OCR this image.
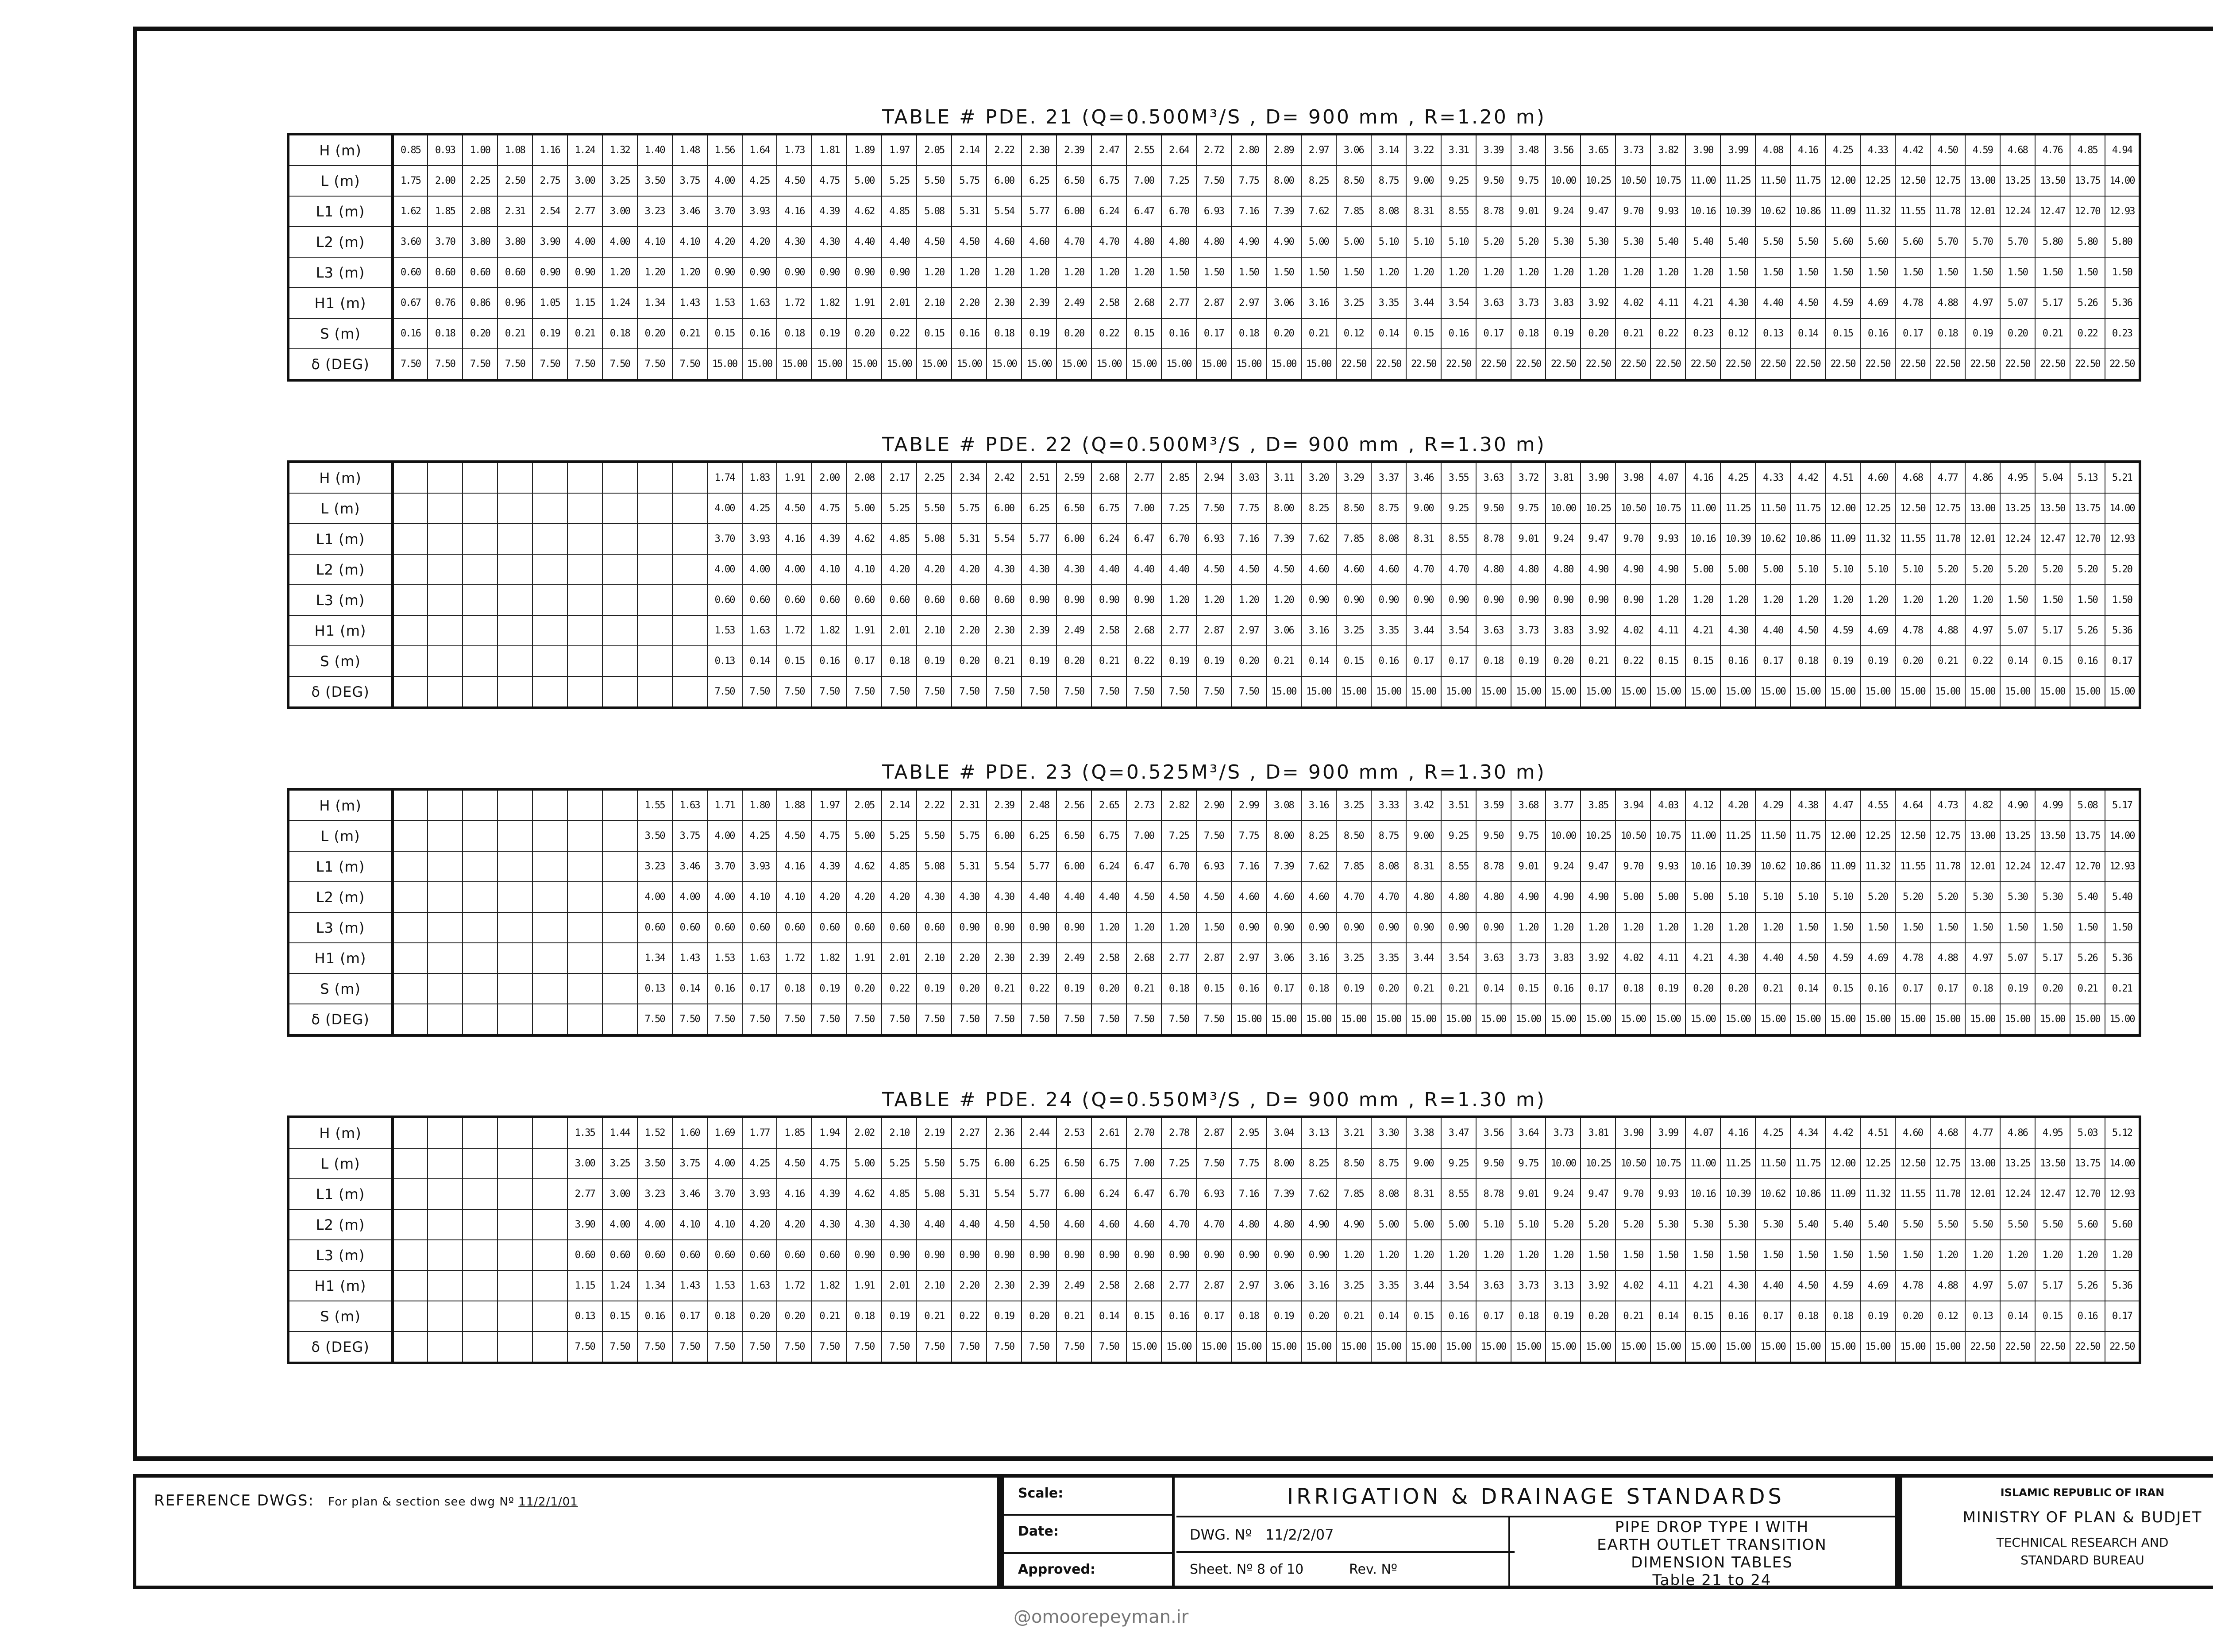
TABLE # PDE. 21 (Q=0.500M³/S , D= 900 mm , R=1.20 m)
H (m)	0.85	0.93	1.00	1.08	1.16	1.24	1.32	1.40	1.48	1.56	1.64	1.73	1.81	1.89	1.97	2.05	2.14	2.22	2.30	2.39	2.47	2.55	2.64	2.72	2.80	2.89	2.97	3.06	3.14	3.22	3.31	3.39	3.48	3.56	3.65	3.73	3.82	3.90	3.99	4.08	4.16	4.25	4.33	4.42	4.50	4.59	4.68	4.76	4.85	4.94
L (m)	1.75	2.00	2.25	2.50	2.75	3.00	3.25	3.50	3.75	4.00	4.25	4.50	4.75	5.00	5.25	5.50	5.75	6.00	6.25	6.50	6.75	7.00	7.25	7.50	7.75	8.00	8.25	8.50	8.75	9.00	9.25	9.50	9.75	10.00	10.25	10.50	10.75	11.00	11.25	11.50	11.75	12.00	12.25	12.50	12.75	13.00	13.25	13.50	13.75	14.00
L1 (m)	1.62	1.85	2.08	2.31	2.54	2.77	3.00	3.23	3.46	3.70	3.93	4.16	4.39	4.62	4.85	5.08	5.31	5.54	5.77	6.00	6.24	6.47	6.70	6.93	7.16	7.39	7.62	7.85	8.08	8.31	8.55	8.78	9.01	9.24	9.47	9.70	9.93	10.16	10.39	10.62	10.86	11.09	11.32	11.55	11.78	12.01	12.24	12.47	12.70	12.93
L2 (m)	3.60	3.70	3.80	3.80	3.90	4.00	4.00	4.10	4.10	4.20	4.20	4.30	4.30	4.40	4.40	4.50	4.50	4.60	4.60	4.70	4.70	4.80	4.80	4.80	4.90	4.90	5.00	5.00	5.10	5.10	5.10	5.20	5.20	5.30	5.30	5.30	5.40	5.40	5.40	5.50	5.50	5.60	5.60	5.60	5.70	5.70	5.70	5.80	5.80	5.80
L3 (m)	0.60	0.60	0.60	0.60	0.90	0.90	1.20	1.20	1.20	0.90	0.90	0.90	0.90	0.90	0.90	1.20	1.20	1.20	1.20	1.20	1.20	1.20	1.50	1.50	1.50	1.50	1.50	1.50	1.20	1.20	1.20	1.20	1.20	1.20	1.20	1.20	1.20	1.20	1.50	1.50	1.50	1.50	1.50	1.50	1.50	1.50	1.50	1.50	1.50	1.50
H1 (m)	0.67	0.76	0.86	0.96	1.05	1.15	1.24	1.34	1.43	1.53	1.63	1.72	1.82	1.91	2.01	2.10	2.20	2.30	2.39	2.49	2.58	2.68	2.77	2.87	2.97	3.06	3.16	3.25	3.35	3.44	3.54	3.63	3.73	3.83	3.92	4.02	4.11	4.21	4.30	4.40	4.50	4.59	4.69	4.78	4.88	4.97	5.07	5.17	5.26	5.36
S (m)	0.16	0.18	0.20	0.21	0.19	0.21	0.18	0.20	0.21	0.15	0.16	0.18	0.19	0.20	0.22	0.15	0.16	0.18	0.19	0.20	0.22	0.15	0.16	0.17	0.18	0.20	0.21	0.12	0.14	0.15	0.16	0.17	0.18	0.19	0.20	0.21	0.22	0.23	0.12	0.13	0.14	0.15	0.16	0.17	0.18	0.19	0.20	0.21	0.22	0.23
δ (DEG)	7.50	7.50	7.50	7.50	7.50	7.50	7.50	7.50	7.50	15.00	15.00	15.00	15.00	15.00	15.00	15.00	15.00	15.00	15.00	15.00	15.00	15.00	15.00	15.00	15.00	15.00	15.00	22.50	22.50	22.50	22.50	22.50	22.50	22.50	22.50	22.50	22.50	22.50	22.50	22.50	22.50	22.50	22.50	22.50	22.50	22.50	22.50	22.50	22.50	22.50
TABLE # PDE. 22 (Q=0.500M³/S , D= 900 mm , R=1.30 m)
H (m)										1.74	1.83	1.91	2.00	2.08	2.17	2.25	2.34	2.42	2.51	2.59	2.68	2.77	2.85	2.94	3.03	3.11	3.20	3.29	3.37	3.46	3.55	3.63	3.72	3.81	3.90	3.98	4.07	4.16	4.25	4.33	4.42	4.51	4.60	4.68	4.77	4.86	4.95	5.04	5.13	5.21
L (m)										4.00	4.25	4.50	4.75	5.00	5.25	5.50	5.75	6.00	6.25	6.50	6.75	7.00	7.25	7.50	7.75	8.00	8.25	8.50	8.75	9.00	9.25	9.50	9.75	10.00	10.25	10.50	10.75	11.00	11.25	11.50	11.75	12.00	12.25	12.50	12.75	13.00	13.25	13.50	13.75	14.00
L1 (m)										3.70	3.93	4.16	4.39	4.62	4.85	5.08	5.31	5.54	5.77	6.00	6.24	6.47	6.70	6.93	7.16	7.39	7.62	7.85	8.08	8.31	8.55	8.78	9.01	9.24	9.47	9.70	9.93	10.16	10.39	10.62	10.86	11.09	11.32	11.55	11.78	12.01	12.24	12.47	12.70	12.93
L2 (m)										4.00	4.00	4.00	4.10	4.10	4.20	4.20	4.20	4.30	4.30	4.30	4.40	4.40	4.40	4.50	4.50	4.50	4.60	4.60	4.60	4.70	4.70	4.80	4.80	4.80	4.90	4.90	4.90	5.00	5.00	5.00	5.10	5.10	5.10	5.10	5.20	5.20	5.20	5.20	5.20	5.20
L3 (m)										0.60	0.60	0.60	0.60	0.60	0.60	0.60	0.60	0.60	0.90	0.90	0.90	0.90	1.20	1.20	1.20	1.20	0.90	0.90	0.90	0.90	0.90	0.90	0.90	0.90	0.90	0.90	1.20	1.20	1.20	1.20	1.20	1.20	1.20	1.20	1.20	1.20	1.50	1.50	1.50	1.50
H1 (m)										1.53	1.63	1.72	1.82	1.91	2.01	2.10	2.20	2.30	2.39	2.49	2.58	2.68	2.77	2.87	2.97	3.06	3.16	3.25	3.35	3.44	3.54	3.63	3.73	3.83	3.92	4.02	4.11	4.21	4.30	4.40	4.50	4.59	4.69	4.78	4.88	4.97	5.07	5.17	5.26	5.36
S (m)										0.13	0.14	0.15	0.16	0.17	0.18	0.19	0.20	0.21	0.19	0.20	0.21	0.22	0.19	0.19	0.20	0.21	0.14	0.15	0.16	0.17	0.17	0.18	0.19	0.20	0.21	0.22	0.15	0.15	0.16	0.17	0.18	0.19	0.19	0.20	0.21	0.22	0.14	0.15	0.16	0.17
δ (DEG)										7.50	7.50	7.50	7.50	7.50	7.50	7.50	7.50	7.50	7.50	7.50	7.50	7.50	7.50	7.50	7.50	15.00	15.00	15.00	15.00	15.00	15.00	15.00	15.00	15.00	15.00	15.00	15.00	15.00	15.00	15.00	15.00	15.00	15.00	15.00	15.00	15.00	15.00	15.00	15.00	15.00
TABLE # PDE. 23 (Q=0.525M³/S , D= 900 mm , R=1.30 m)
H (m)								1.55	1.63	1.71	1.80	1.88	1.97	2.05	2.14	2.22	2.31	2.39	2.48	2.56	2.65	2.73	2.82	2.90	2.99	3.08	3.16	3.25	3.33	3.42	3.51	3.59	3.68	3.77	3.85	3.94	4.03	4.12	4.20	4.29	4.38	4.47	4.55	4.64	4.73	4.82	4.90	4.99	5.08	5.17
L (m)								3.50	3.75	4.00	4.25	4.50	4.75	5.00	5.25	5.50	5.75	6.00	6.25	6.50	6.75	7.00	7.25	7.50	7.75	8.00	8.25	8.50	8.75	9.00	9.25	9.50	9.75	10.00	10.25	10.50	10.75	11.00	11.25	11.50	11.75	12.00	12.25	12.50	12.75	13.00	13.25	13.50	13.75	14.00
L1 (m)								3.23	3.46	3.70	3.93	4.16	4.39	4.62	4.85	5.08	5.31	5.54	5.77	6.00	6.24	6.47	6.70	6.93	7.16	7.39	7.62	7.85	8.08	8.31	8.55	8.78	9.01	9.24	9.47	9.70	9.93	10.16	10.39	10.62	10.86	11.09	11.32	11.55	11.78	12.01	12.24	12.47	12.70	12.93
L2 (m)								4.00	4.00	4.00	4.10	4.10	4.20	4.20	4.20	4.30	4.30	4.30	4.40	4.40	4.40	4.50	4.50	4.50	4.60	4.60	4.60	4.70	4.70	4.80	4.80	4.80	4.90	4.90	4.90	5.00	5.00	5.00	5.10	5.10	5.10	5.10	5.20	5.20	5.20	5.30	5.30	5.30	5.40	5.40
L3 (m)								0.60	0.60	0.60	0.60	0.60	0.60	0.60	0.60	0.60	0.90	0.90	0.90	0.90	1.20	1.20	1.20	1.50	0.90	0.90	0.90	0.90	0.90	0.90	0.90	0.90	1.20	1.20	1.20	1.20	1.20	1.20	1.20	1.20	1.50	1.50	1.50	1.50	1.50	1.50	1.50	1.50	1.50	1.50
H1 (m)								1.34	1.43	1.53	1.63	1.72	1.82	1.91	2.01	2.10	2.20	2.30	2.39	2.49	2.58	2.68	2.77	2.87	2.97	3.06	3.16	3.25	3.35	3.44	3.54	3.63	3.73	3.83	3.92	4.02	4.11	4.21	4.30	4.40	4.50	4.59	4.69	4.78	4.88	4.97	5.07	5.17	5.26	5.36
S (m)								0.13	0.14	0.16	0.17	0.18	0.19	0.20	0.22	0.19	0.20	0.21	0.22	0.19	0.20	0.21	0.18	0.15	0.16	0.17	0.18	0.19	0.20	0.21	0.21	0.14	0.15	0.16	0.17	0.18	0.19	0.20	0.20	0.21	0.14	0.15	0.16	0.17	0.17	0.18	0.19	0.20	0.21	0.21
δ (DEG)								7.50	7.50	7.50	7.50	7.50	7.50	7.50	7.50	7.50	7.50	7.50	7.50	7.50	7.50	7.50	7.50	7.50	15.00	15.00	15.00	15.00	15.00	15.00	15.00	15.00	15.00	15.00	15.00	15.00	15.00	15.00	15.00	15.00	15.00	15.00	15.00	15.00	15.00	15.00	15.00	15.00	15.00	15.00
TABLE # PDE. 24 (Q=0.550M³/S , D= 900 mm , R=1.30 m)
H (m)						1.35	1.44	1.52	1.60	1.69	1.77	1.85	1.94	2.02	2.10	2.19	2.27	2.36	2.44	2.53	2.61	2.70	2.78	2.87	2.95	3.04	3.13	3.21	3.30	3.38	3.47	3.56	3.64	3.73	3.81	3.90	3.99	4.07	4.16	4.25	4.34	4.42	4.51	4.60	4.68	4.77	4.86	4.95	5.03	5.12
L (m)						3.00	3.25	3.50	3.75	4.00	4.25	4.50	4.75	5.00	5.25	5.50	5.75	6.00	6.25	6.50	6.75	7.00	7.25	7.50	7.75	8.00	8.25	8.50	8.75	9.00	9.25	9.50	9.75	10.00	10.25	10.50	10.75	11.00	11.25	11.50	11.75	12.00	12.25	12.50	12.75	13.00	13.25	13.50	13.75	14.00
L1 (m)						2.77	3.00	3.23	3.46	3.70	3.93	4.16	4.39	4.62	4.85	5.08	5.31	5.54	5.77	6.00	6.24	6.47	6.70	6.93	7.16	7.39	7.62	7.85	8.08	8.31	8.55	8.78	9.01	9.24	9.47	9.70	9.93	10.16	10.39	10.62	10.86	11.09	11.32	11.55	11.78	12.01	12.24	12.47	12.70	12.93
L2 (m)						3.90	4.00	4.00	4.10	4.10	4.20	4.20	4.30	4.30	4.30	4.40	4.40	4.50	4.50	4.60	4.60	4.60	4.70	4.70	4.80	4.80	4.90	4.90	5.00	5.00	5.00	5.10	5.10	5.20	5.20	5.20	5.30	5.30	5.30	5.30	5.40	5.40	5.40	5.50	5.50	5.50	5.50	5.50	5.60	5.60
L3 (m)						0.60	0.60	0.60	0.60	0.60	0.60	0.60	0.60	0.90	0.90	0.90	0.90	0.90	0.90	0.90	0.90	0.90	0.90	0.90	0.90	0.90	0.90	1.20	1.20	1.20	1.20	1.20	1.20	1.20	1.50	1.50	1.50	1.50	1.50	1.50	1.50	1.50	1.50	1.50	1.20	1.20	1.20	1.20	1.20	1.20
H1 (m)						1.15	1.24	1.34	1.43	1.53	1.63	1.72	1.82	1.91	2.01	2.10	2.20	2.30	2.39	2.49	2.58	2.68	2.77	2.87	2.97	3.06	3.16	3.25	3.35	3.44	3.54	3.63	3.73	3.13	3.92	4.02	4.11	4.21	4.30	4.40	4.50	4.59	4.69	4.78	4.88	4.97	5.07	5.17	5.26	5.36
S (m)						0.13	0.15	0.16	0.17	0.18	0.20	0.20	0.21	0.18	0.19	0.21	0.22	0.19	0.20	0.21	0.14	0.15	0.16	0.17	0.18	0.19	0.20	0.21	0.14	0.15	0.16	0.17	0.18	0.19	0.20	0.21	0.14	0.15	0.16	0.17	0.18	0.18	0.19	0.20	0.12	0.13	0.14	0.15	0.16	0.17
δ (DEG)						7.50	7.50	7.50	7.50	7.50	7.50	7.50	7.50	7.50	7.50	7.50	7.50	7.50	7.50	7.50	7.50	15.00	15.00	15.00	15.00	15.00	15.00	15.00	15.00	15.00	15.00	15.00	15.00	15.00	15.00	15.00	15.00	15.00	15.00	15.00	15.00	15.00	15.00	15.00	15.00	22.50	22.50	22.50	22.50	22.50
REFERENCE DWGS: For plan & section see dwg Nº 11/2/1/01
Scale:
Date:
Approved:
IRRIGATION & DRAINAGE STANDARDS
DWG. Nº 11/2/2/07
Sheet. Nº 8 of 10	Rev. Nº
PIPE DROP TYPE I WITH
EARTH OUTLET TRANSITION
DIMENSION TABLES
Table 21 to 24
ISLAMIC REPUBLIC OF IRAN
MINISTRY OF PLAN & BUDJET
TECHNICAL RESEARCH AND
STANDARD BUREAU
@omoorepeyman.ir
